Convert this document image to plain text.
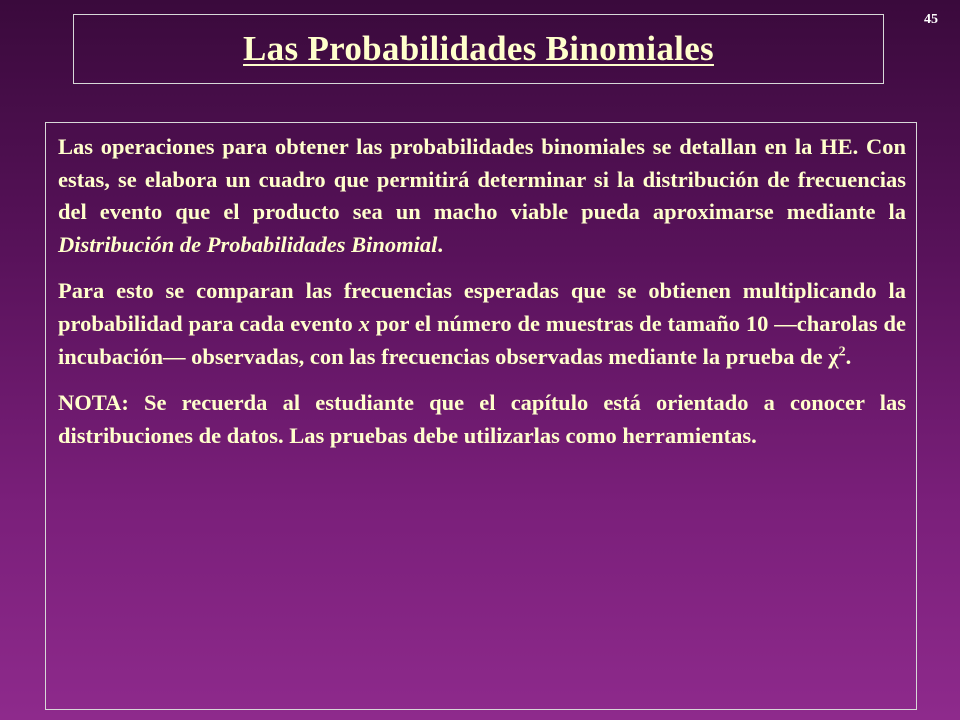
45
Las Probabilidades Binomiales

Las operaciones para obtener las probabilidades binomiales se detallan en la HE. Con estas, se elabora un cuadro que permitirá determinar si la distribución de frecuencias del evento que el producto sea un macho viable pueda aproximarse mediante la Distribución de Probabilidades Binomial.

Para esto se comparan las frecuencias esperadas que se obtienen multiplicando la probabilidad para cada evento x por el número de muestras de tamaño 10 —charolas de incubación— observadas, con las frecuencias observadas mediante la prueba de $\chi^2$.

NOTA: Se recuerda al estudiante que el capítulo está orientado a conocer las distribuciones de datos. Las pruebas debe utilizarlas como herramientas.
